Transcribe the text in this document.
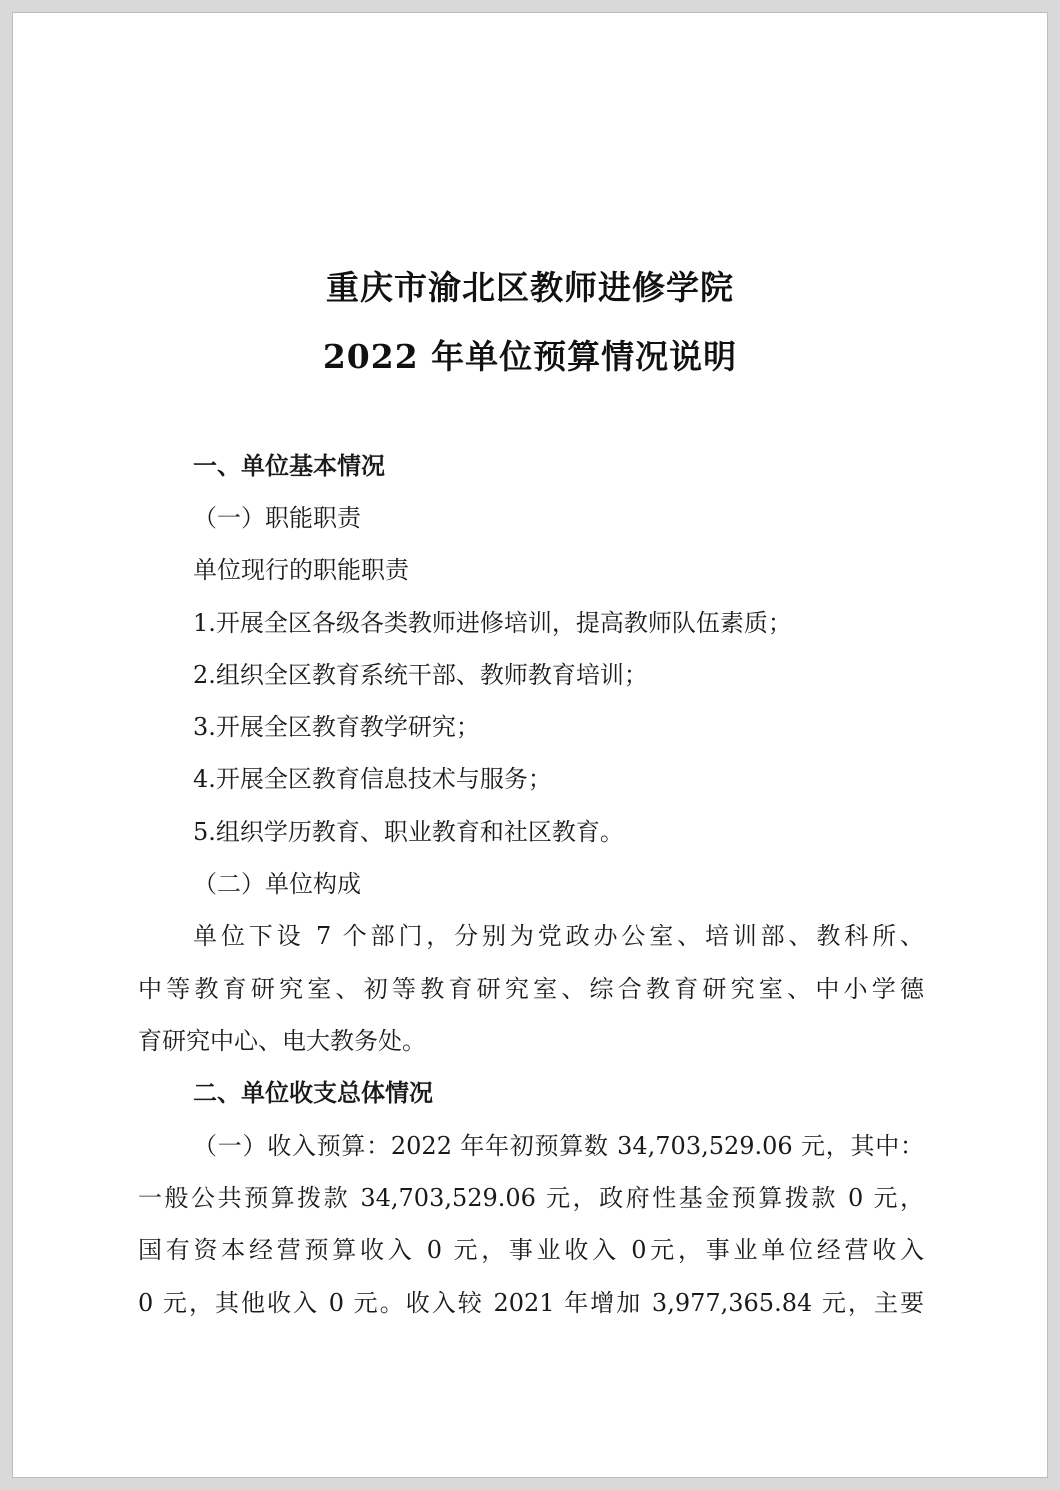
重庆市渝北区教师进修学院
2022 年单位预算情况说明
一、单位基本情况
（一）职能职责
单位现行的职能职责
1.开展全区各级各类教师进修培训，提高教师队伍素质；
2.组织全区教育系统干部、教师教育培训；
3.开展全区教育教学研究；
4.开展全区教育信息技术与服务；
5.组织学历教育、职业教育和社区教育。
（二）单位构成
单位下设 7 个部门，分别为党政办公室、培训部、教科所、
中等教育研究室、初等教育研究室、综合教育研究室、中小学德
育研究中心、电大教务处。
二、单位收支总体情况
（一）收入预算：2022 年年初预算数 34,703,529.06 元，其中：
一般公共预算拨款 34,703,529.06 元，政府性基金预算拨款 0 元，
国有资本经营预算收入 0 元，事业收入 0元，事业单位经营收入
0 元，其他收入 0 元。收入较 2021 年增加 3,977,365.84 元，主要
